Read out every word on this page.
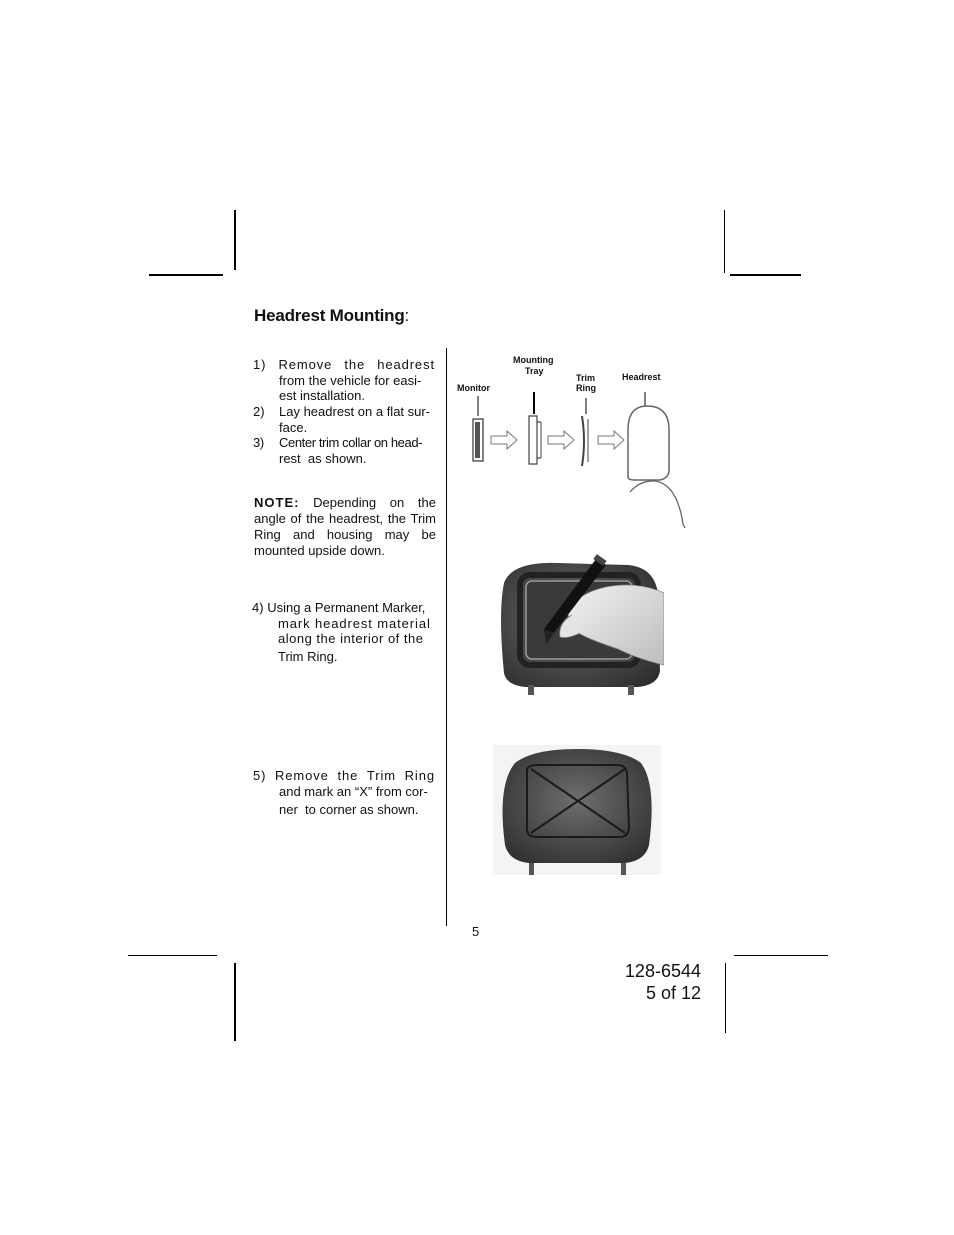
Headrest Mounting:
1) Remove the headrest
from the vehicle for easi-
est installation.
2) Lay headrest on a flat sur-
face.
3) Center trim collar on head-
rest  as shown.
NOTE: Depending on the angle of the headrest, the Trim Ring and housing may be mounted upside down.
4) Using a Permanent Marker,
mark headrest material
along the interior of the
Trim Ring.
5) Remove the Trim Ring
and mark an “X” from cor-
ner  to corner as shown.
Monitor
Mounting
Tray
Trim
Ring
Headrest
5
128-6544
5 of 12
